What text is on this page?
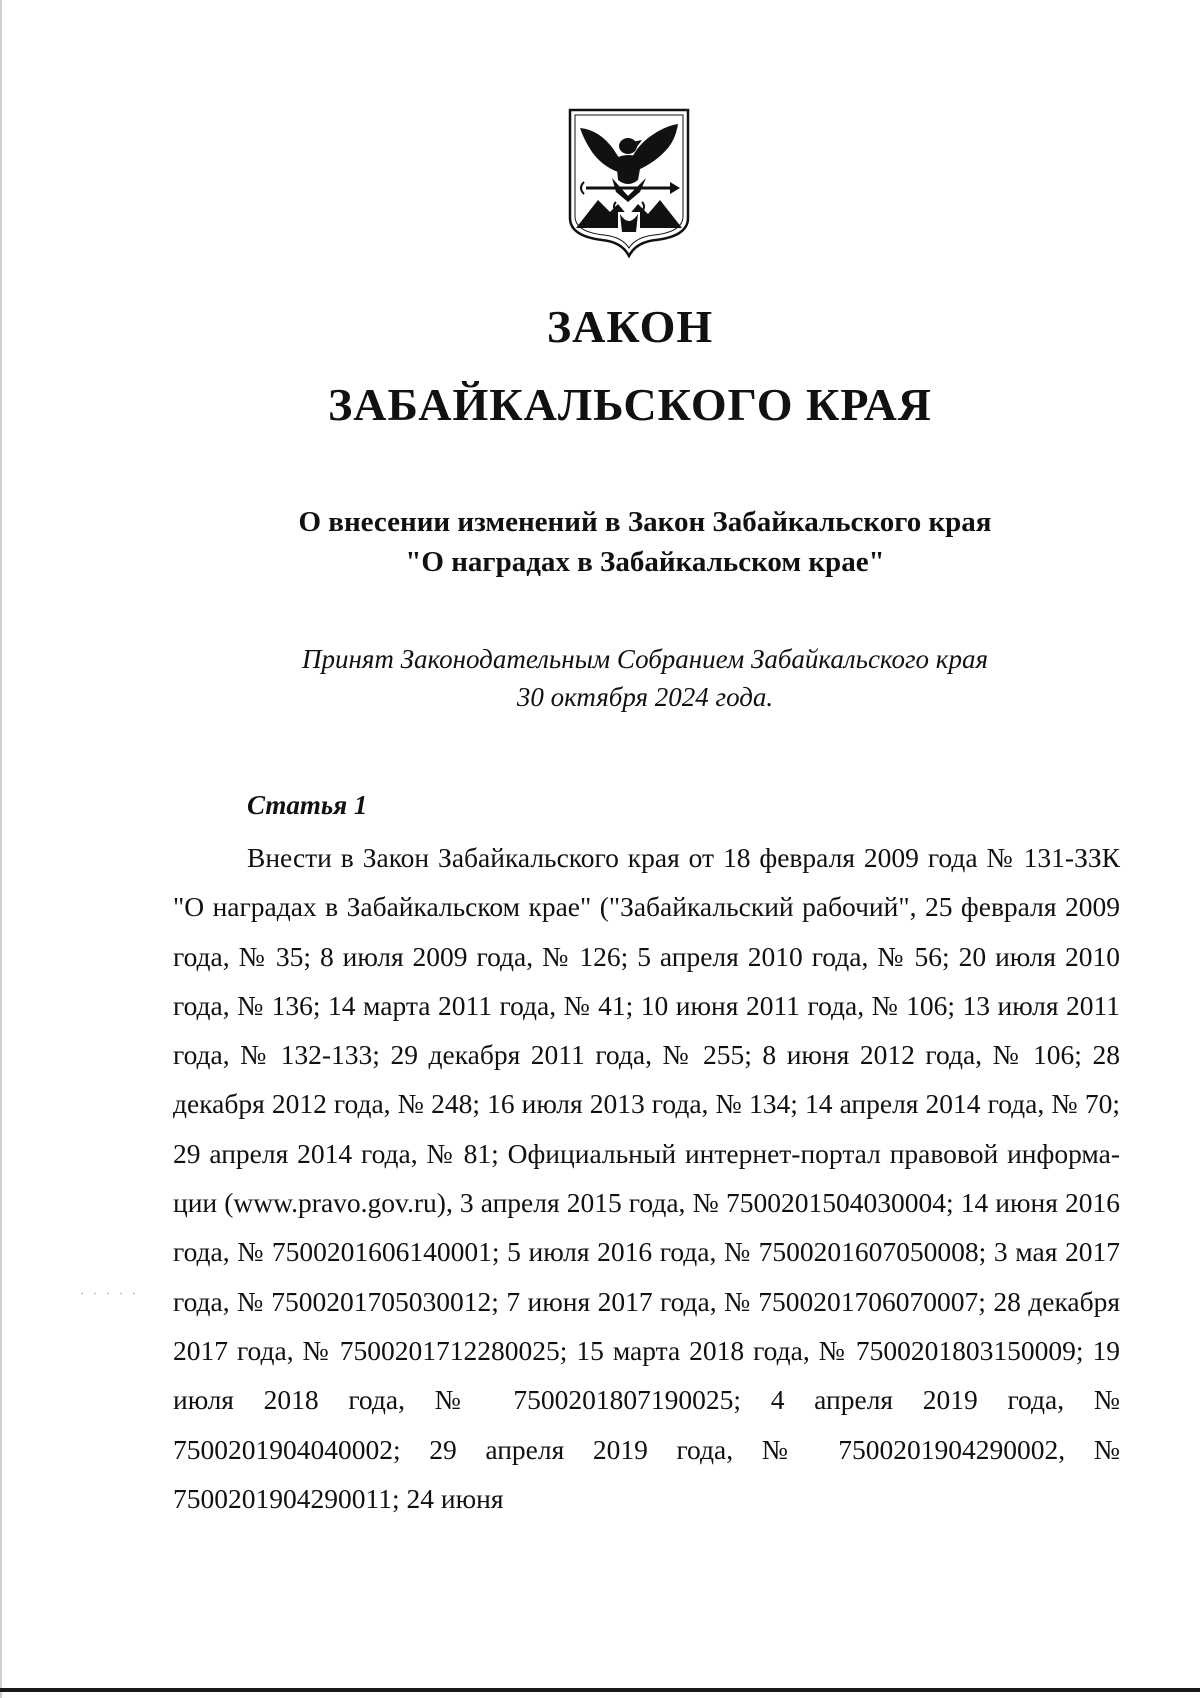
ЗАКОН
ЗАБАЙКАЛЬСКОГО КРАЯ
О внесении изменений в Закон Забайкальского края
"О наградах в Забайкальском крае"
Принят Законодательным Собранием Забайкальского края
30 октября 2024 года.
Статья 1

Внести в Закон Забайкальского края от 18 февраля 2009 года № 131-ЗЗК "О наградах в Забайкальском крае" ("Забайкальский рабочий", 25 февраля 2009 года, № 35; 8 июля 2009 года, № 126; 5 апреля 2010 года, № 56; 20 июля 2010 года, № 136; 14 марта 2011 года, № 41; 10 июня 2011 года, № 106; 13 июля 2011 года, № 132-133; 29 декабря 2011 года, № 255; 8 июня 2012 года, № 106; 28 декабря 2012 года, № 248; 16 июля 2013 года, № 134; 14 апреля 2014 года, № 70; 29 апреля 2014 года, № 81; Официальный интернет-портал правовой информации (www.pravo.gov.ru), 3 апреля 2015 года, № 7500201504030004; 14 июня 2016 года, № 7500201606140001; 5 июля 2016 года, № 7500201607050008; 3 мая 2017 года, № 7500201705030012; 7 июня 2017 года, № 7500201706070007; 28 декабря 2017 года, № 7500201712280025; 15 марта 2018 года, № 7500201803150009; 19 июля 2018 года, № 7500201807190025; 4 апреля 2019 года, № 7500201904040002; 29 апреля 2019 года, № 7500201904290002, № 7500201904290011; 24 июня

· · · · ·
